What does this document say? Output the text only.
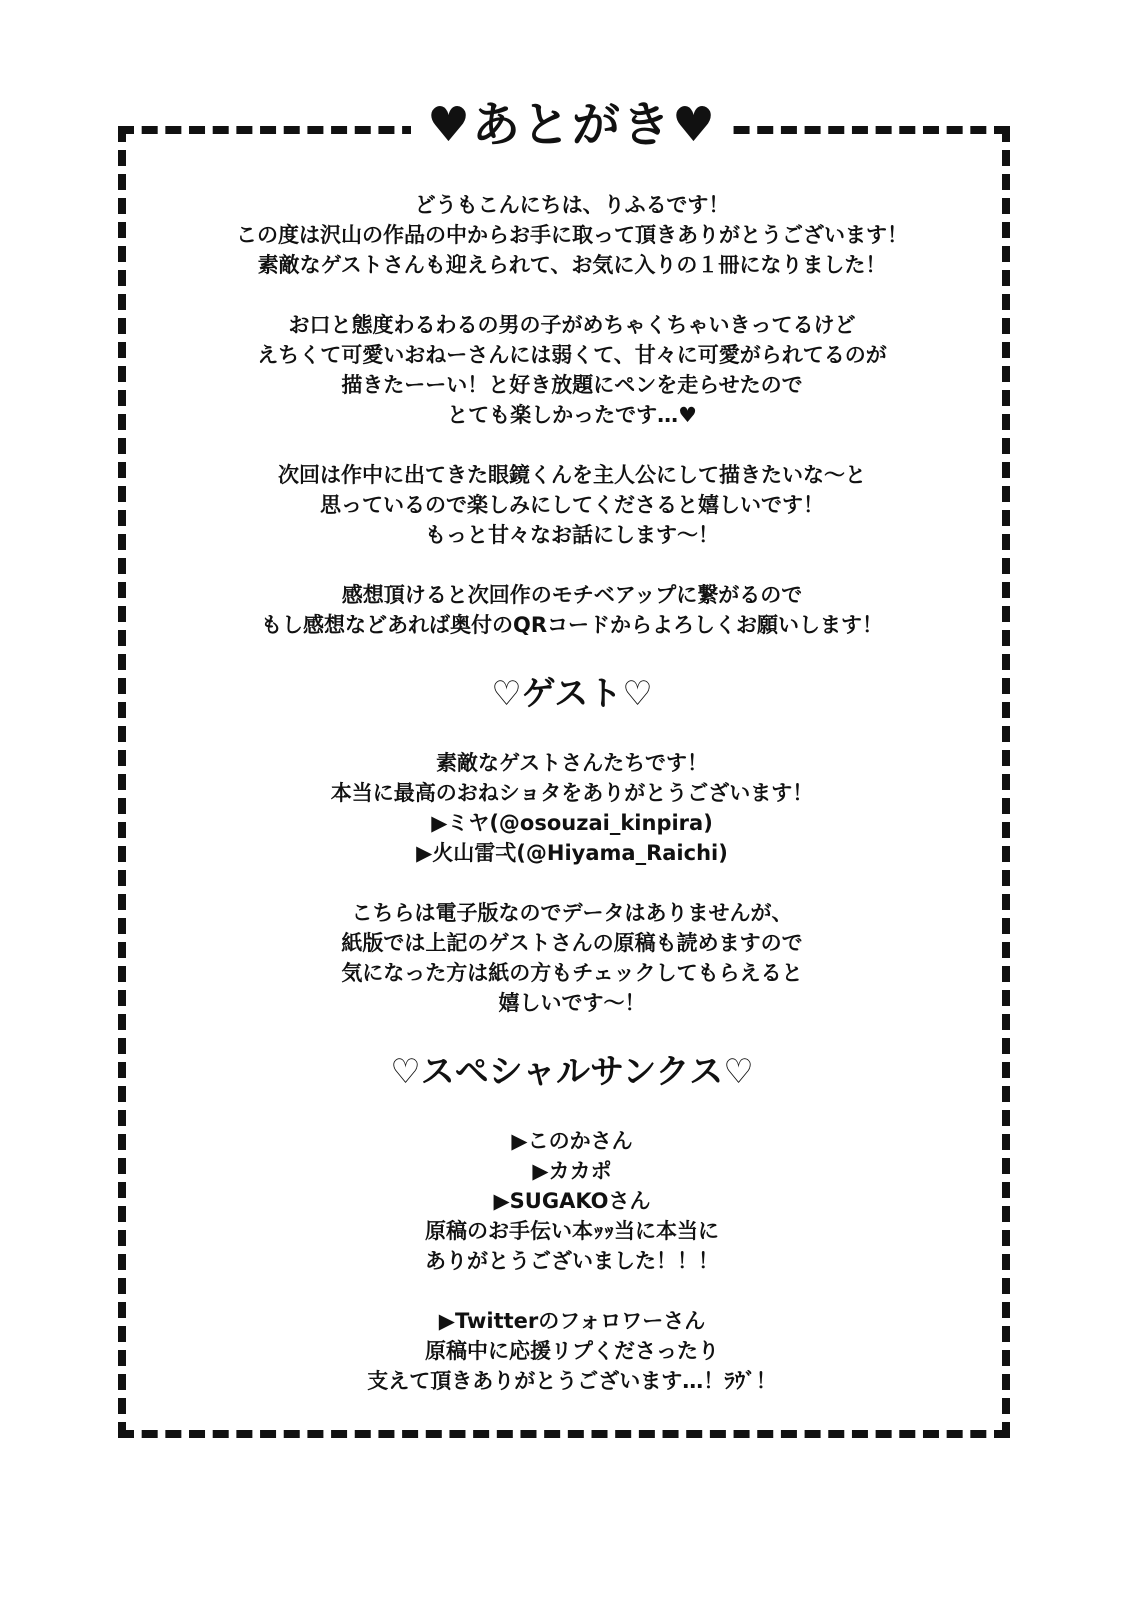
♥あとがき♥
どうもこんにちは、りふるです！
この度は沢山の作品の中からお手に取って頂きありがとうございます！
素敵なゲストさんも迎えられて、お気に入りの１冊になりました！
お口と態度わるわるの男の子がめちゃくちゃいきってるけど
えちくて可愛いおねーさんには弱くて、甘々に可愛がられてるのが
描きたーーい！と好き放題にペンを走らせたので
とても楽しかったです…♥
次回は作中に出てきた眼鏡くんを主人公にして描きたいな～と
思っているので楽しみにしてくださると嬉しいです！
もっと甘々なお話にします～！
感想頂けると次回作のモチベアップに繋がるので
もし感想などあれば奥付のQRコードからよろしくお願いします！
♡ゲスト♡
素敵なゲストさんたちです！
本当に最高のおねショタをありがとうございます！
▶ミヤ(@osouzai_kinpira)
▶火山雷弌(@Hiyama_Raichi)
こちらは電子版なのでデータはありませんが、
紙版では上記のゲストさんの原稿も読めますので
気になった方は紙の方もチェックしてもらえると
嬉しいです～！
♡スペシャルサンクス♡
▶このかさん
▶カカポ
▶SUGAKOさん
原稿のお手伝い本ｯｯ当に本当に
ありがとうございました！！！
▶Twitterのフォロワーさん
原稿中に応援リプくださったり
支えて頂きありがとうございます…！ﾗｳﾞ！
